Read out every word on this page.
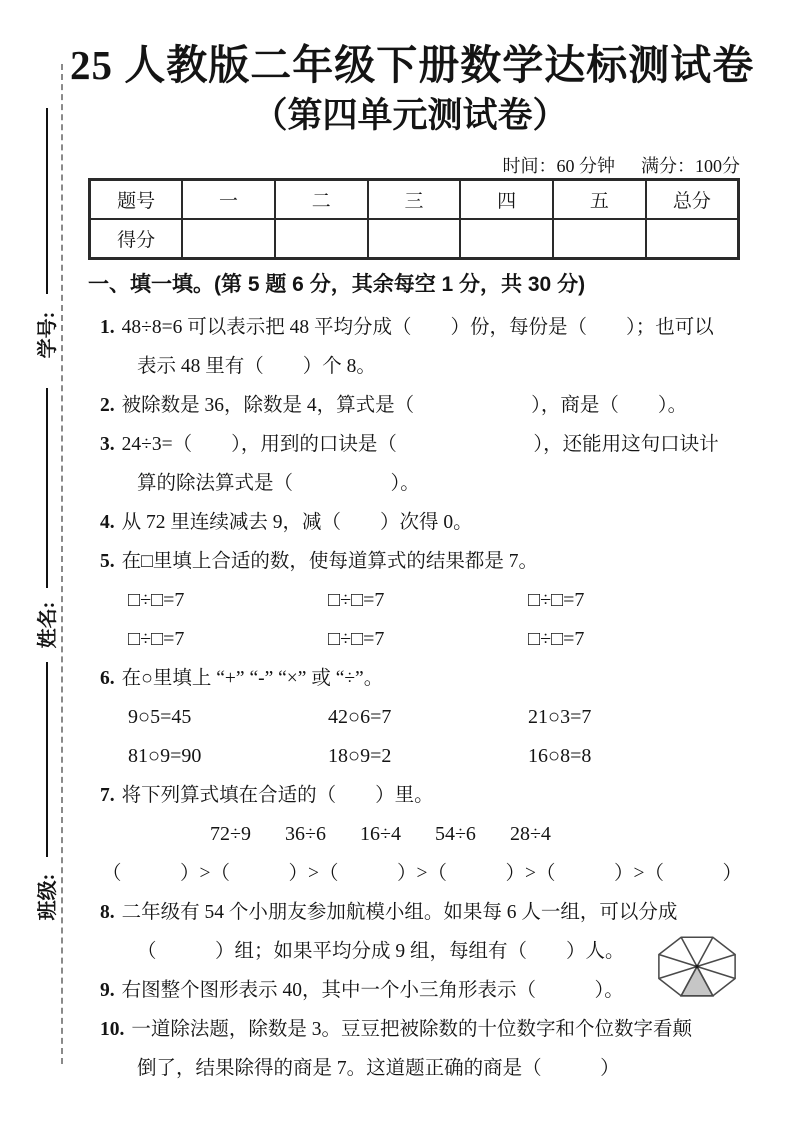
学号:
姓名:
班级:
25 人教版二年级下册数学达标测试卷
（第四单元测试卷）
时间：60 分钟 满分：100分
题号	一	二	三	四	五	总分
得分						
一、填一填。(第 5 题 6 分，其余每空 1 分，共 30 分)
1. 48÷8=6 可以表示把 48 平均分成（　　）份，每份是（　　）；也可以
表示 48 里有（　　）个 8。
2. 被除数是 36，除数是 4，算式是（　　　　　　），商是（　　）。
3. 24÷3=（　　），用到的口诀是（　　　　　　　），还能用这句口诀计
算的除法算式是（　　　　　）。
4. 从 72 里连续减去 9，减（　　）次得 0。
5. 在□里填上合适的数，使每道算式的结果都是 7。
□÷□=7	□÷□=7	□÷□=7
□÷□=7	□÷□=7	□÷□=7
6. 在○里填上 “+” “-” “×” 或 “÷”。
9○5=45	42○6=7	21○3=7
81○9=90	18○9=2	16○8=8
7. 将下列算式填在合适的（　　）里。
72÷9 36÷6 16÷4 54÷6 28÷4
（　　　）>（　　　）>（　　　）>（　　　）>（　　　）>（　　　）
8. 二年级有 54 个小朋友参加航模小组。如果每 6 人一组，可以分成
（　　　）组；如果平均分成 9 组，每组有（　　）人。
9. 右图整个图形表示 40，其中一个小三角形表示（　　　）。
10. 一道除法题，除数是 3。豆豆把被除数的十位数字和个位数字看颠
倒了，结果除得的商是 7。这道题正确的商是（　　　）
